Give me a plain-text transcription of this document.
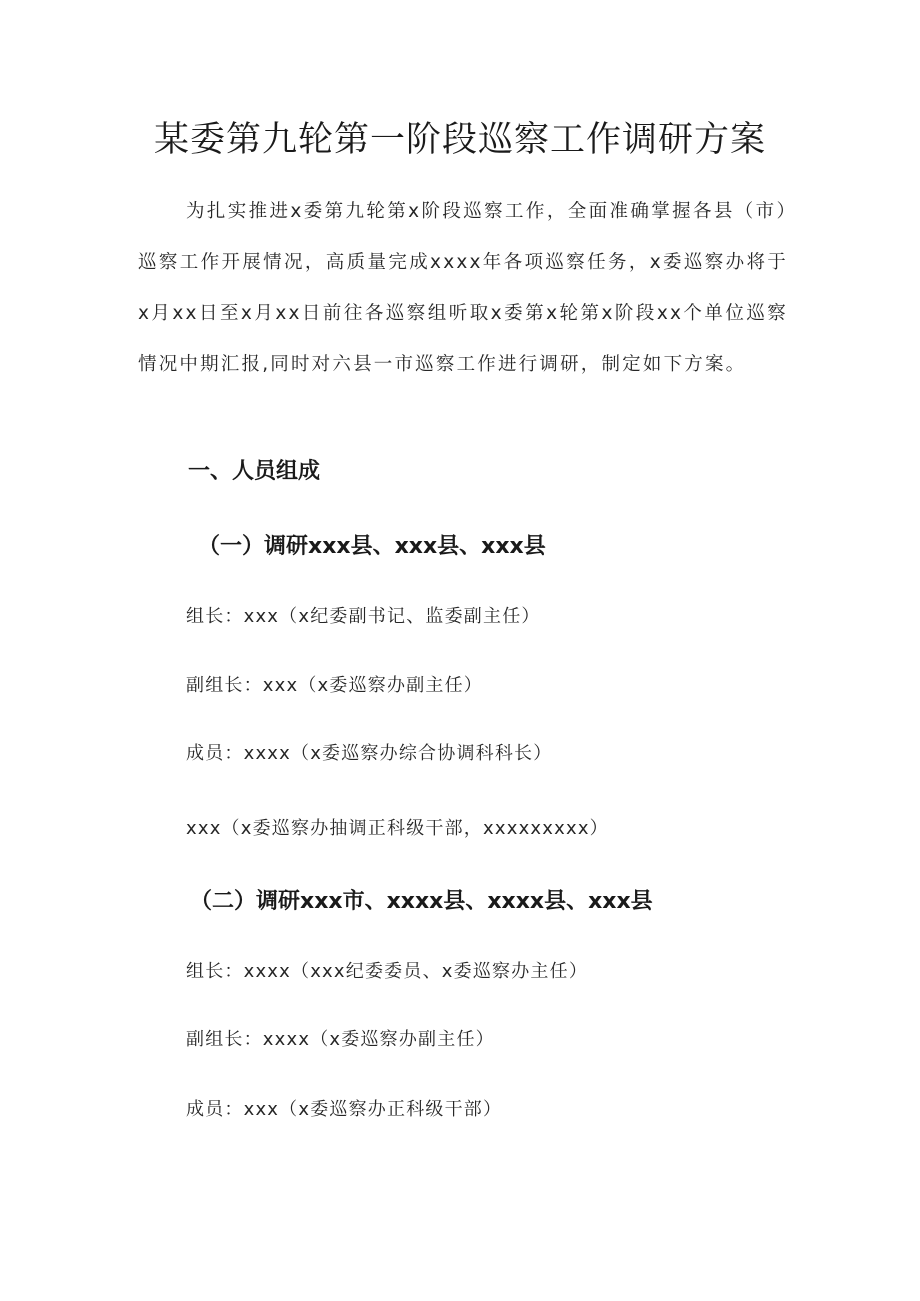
某委第九轮第一阶段巡察工作调研方案
为扎实推进x委第九轮第x阶段巡察工作，全面准确掌握各县（市）巡察工作开展情况，高质量完成xxxx年各项巡察任务，x委巡察办将于x月xx日至x月xx日前往各巡察组听取x委第x轮第x阶段xx个单位巡察情况中期汇报,同时对六县一市巡察工作进行调研，制定如下方案。
一、人员组成
（一）调研xxx县、xxx县、xxx县
组长：xxx（x纪委副书记、监委副主任）
副组长：xxx（x委巡察办副主任）
成员：xxxx（x委巡察办综合协调科科长）
xxx（x委巡察办抽调正科级干部，xxxxxxxxx）
（二）调研xxx市、xxxx县、xxxx县、xxx县
组长：xxxx（xxx纪委委员、x委巡察办主任）
副组长：xxxx（x委巡察办副主任）
成员：xxx（x委巡察办正科级干部）
